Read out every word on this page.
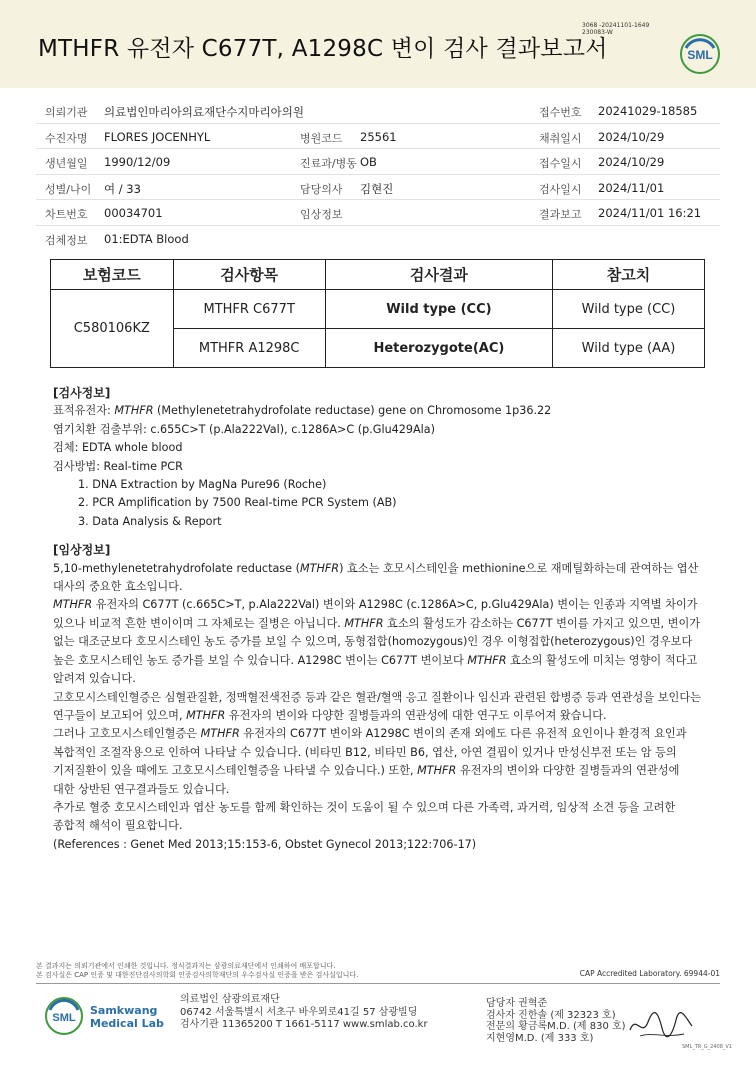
3068 -20241101-1649
230083-W
MTHFR 유전자 C677T, A1298C 변이 검사 결과보고서	SML
의뢰기관 의료법인마리아의료재단수지마리아의원	접수번호 20241029-18585
수진자명 FLORES JOCENHYL	병원코드 25561	채취일시 2024/10/29
생년월일 1990/12/09	진료과/병동 OB	접수일시 2024/10/29
성별/나이 여 / 33	담당의사 김현진	검사일시 2024/11/01
차트번호 00034701	임상정보	결과보고 2024/11/01 16:21
검체정보 01:EDTA Blood
보험코드	검사항목	검사결과	참고치
C580106KZ	MTHFR C677T	Wild type (CC)	Wild type (CC)
	MTHFR A1298C	Heterozygote(AC)	Wild type (AA)
[검사정보]
표적유전자: MTHFR (Methylenetetrahydrofolate reductase) gene on Chromosome 1p36.22
염기치환 검출부위: c.655C>T (p.Ala222Val), c.1286A>C (p.Glu429Ala)
검체: EDTA whole blood
검사방법: Real-time PCR
1. DNA Extraction by MagNa Pure96 (Roche)
2. PCR Amplification by 7500 Real-time PCR System (AB)
3. Data Analysis & Report
[임상정보]
5,10-methylenetetrahydrofolate reductase (MTHFR) 효소는 호모시스테인을 methionine으로 재메틸화하는데 관여하는 엽산
대사의 중요한 효소입니다.
MTHFR 유전자의 C677T (c.665C>T, p.Ala222Val) 변이와 A1298C (c.1286A>C, p.Glu429Ala) 변이는 인종과 지역별 차이가
있으나 비교적 흔한 변이이며 그 자체로는 질병은 아닙니다. MTHFR 효소의 활성도가 감소하는 C677T 변이를 가지고 있으면, 변이가
없는 대조군보다 호모시스테인 농도 증가를 보일 수 있으며, 동형접합(homozygous)인 경우 이형접합(heterozygous)인 경우보다
높은 호모시스테인 농도 증가를 보일 수 있습니다. A1298C 변이는 C677T 변이보다 MTHFR 효소의 활성도에 미치는 영향이 적다고
알려져 있습니다.
고호모시스테인혈증은 심혈관질환, 정맥혈전색전증 등과 같은 혈관/혈액 응고 질환이나 임신과 관련된 합병증 등과 연관성을 보인다는
연구들이 보고되어 있으며, MTHFR 유전자의 변이와 다양한 질병들과의 연관성에 대한 연구도 이루어져 왔습니다.
그러나 고호모시스테인혈증은 MTHFR 유전자의 C677T 변이와 A1298C 변이의 존재 외에도 다른 유전적 요인이나 환경적 요인과
복합적인 조절작용으로 인하여 나타날 수 있습니다. (비타민 B12, 비타민 B6, 엽산, 아연 결핍이 있거나 만성신부전 또는 암 등의
기저질환이 있을 때에도 고호모시스테인혈증을 나타낼 수 있습니다.) 또한, MTHFR 유전자의 변이와 다양한 질병들과의 연관성에
대한 상반된 연구결과들도 있습니다.
추가로 혈중 호모시스테인과 엽산 농도를 함께 확인하는 것이 도움이 될 수 있으며 다른 가족력, 과거력, 임상적 소견 등을 고려한
종합적 해석이 필요합니다.
(References : Genet Med 2013;15:153-6, Obstet Gynecol 2013;122:706-17)
본 결과지는 의뢰기관에서 인쇄한 것입니다. 정식결과지는 삼광의료재단에서 인쇄하여 배포합니다.
본 검사실은 CAP 인증 및 대한진단검사의학회 인증검사의학재단의 우수검사실 인증을 받은 검사실입니다.	CAP Accredited Laboratory. 69944-01
SML
Samkwang
Medical Lab
의료법인 삼광의료재단
06742 서울특별시 서초구 바우뫼로41길 57 삼광빌딩
검사기관 11365200 T 1661-5117 www.smlab.co.kr
담당자 권혁준
검사자 진한솔 (제 32323 호)
전문의 황금록M.D. (제 830 호)
지현영M.D. (제 333 호)
SML_TR_G_2408_V1
